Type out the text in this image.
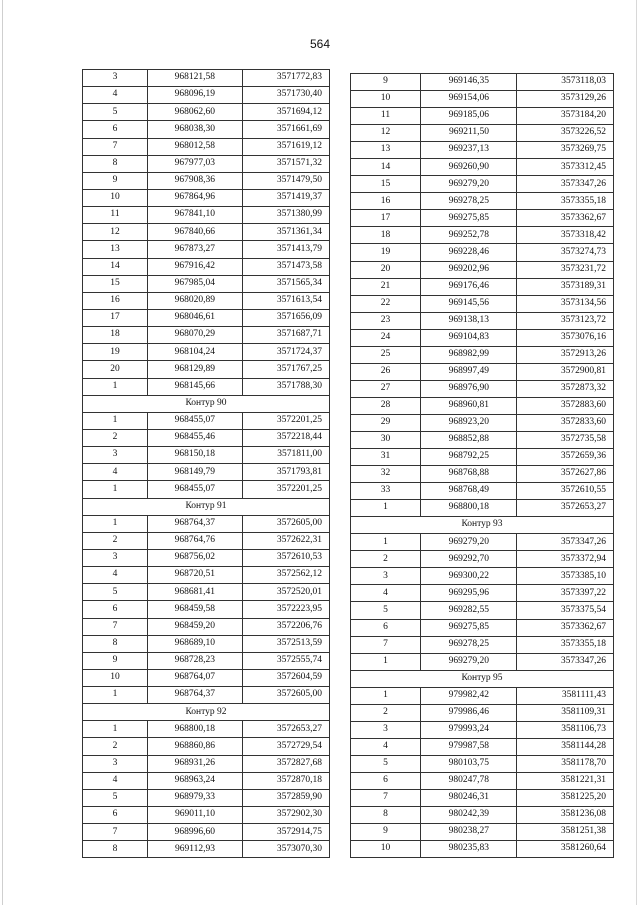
564
3	968121,58	3571772,83
4	968096,19	3571730,40
5	968062,60	3571694,12
6	968038,30	3571661,69
7	968012,58	3571619,12
8	967977,03	3571571,32
9	967908,36	3571479,50
10	967864,96	3571419,37
11	967841,10	3571380,99
12	967840,66	3571361,34
13	967873,27	3571413,79
14	967916,42	3571473,58
15	967985,04	3571565,34
16	968020,89	3571613,54
17	968046,61	3571656,09
18	968070,29	3571687,71
19	968104,24	3571724,37
20	968129,89	3571767,25
1	968145,66	3571788,30
Контур 90		
1	968455,07	3572201,25
2	968455,46	3572218,44
3	968150,18	3571811,00
4	968149,79	3571793,81
1	968455,07	3572201,25
Контур 91		
1	968764,37	3572605,00
2	968764,76	3572622,31
3	968756,02	3572610,53
4	968720,51	3572562,12
5	968681,41	3572520,01
6	968459,58	3572223,95
7	968459,20	3572206,76
8	968689,10	3572513,59
9	968728,23	3572555,74
10	968764,07	3572604,59
1	968764,37	3572605,00
Контур 92		
1	968800,18	3572653,27
2	968860,86	3572729,54
3	968931,26	3572827,68
4	968963,24	3572870,18
5	968979,33	3572859,90
6	969011,10	3572902,30
7	968996,60	3572914,75
8	969112,93	3573070,30
9	969146,35	3573118,03
10	969154,06	3573129,26
11	969185,06	3573184,20
12	969211,50	3573226,52
13	969237,13	3573269,75
14	969260,90	3573312,45
15	969279,20	3573347,26
16	969278,25	3573355,18
17	969275,85	3573362,67
18	969252,78	3573318,42
19	969228,46	3573274,73
20	969202,96	3573231,72
21	969176,46	3573189,31
22	969145,56	3573134,56
23	969138,13	3573123,72
24	969104,83	3573076,16
25	968982,99	3572913,26
26	968997,49	3572900,81
27	968976,90	3572873,32
28	968960,81	3572883,60
29	968923,20	3572833,60
30	968852,88	3572735,58
31	968792,25	3572659,36
32	968768,88	3572627,86
33	968768,49	3572610,55
1	968800,18	3572653,27
Контур 93		
1	969279,20	3573347,26
2	969292,70	3573372,94
3	969300,22	3573385,10
4	969295,96	3573397,22
5	969282,55	3573375,54
6	969275,85	3573362,67
7	969278,25	3573355,18
1	969279,20	3573347,26
Контур 95		
1	979982,42	3581111,43
2	979986,46	3581109,31
3	979993,24	3581106,73
4	979987,58	3581144,28
5	980103,75	3581178,70
6	980247,78	3581221,31
7	980246,31	3581225,20
8	980242,39	3581236,08
9	980238,27	3581251,38
10	980235,83	3581260,64
